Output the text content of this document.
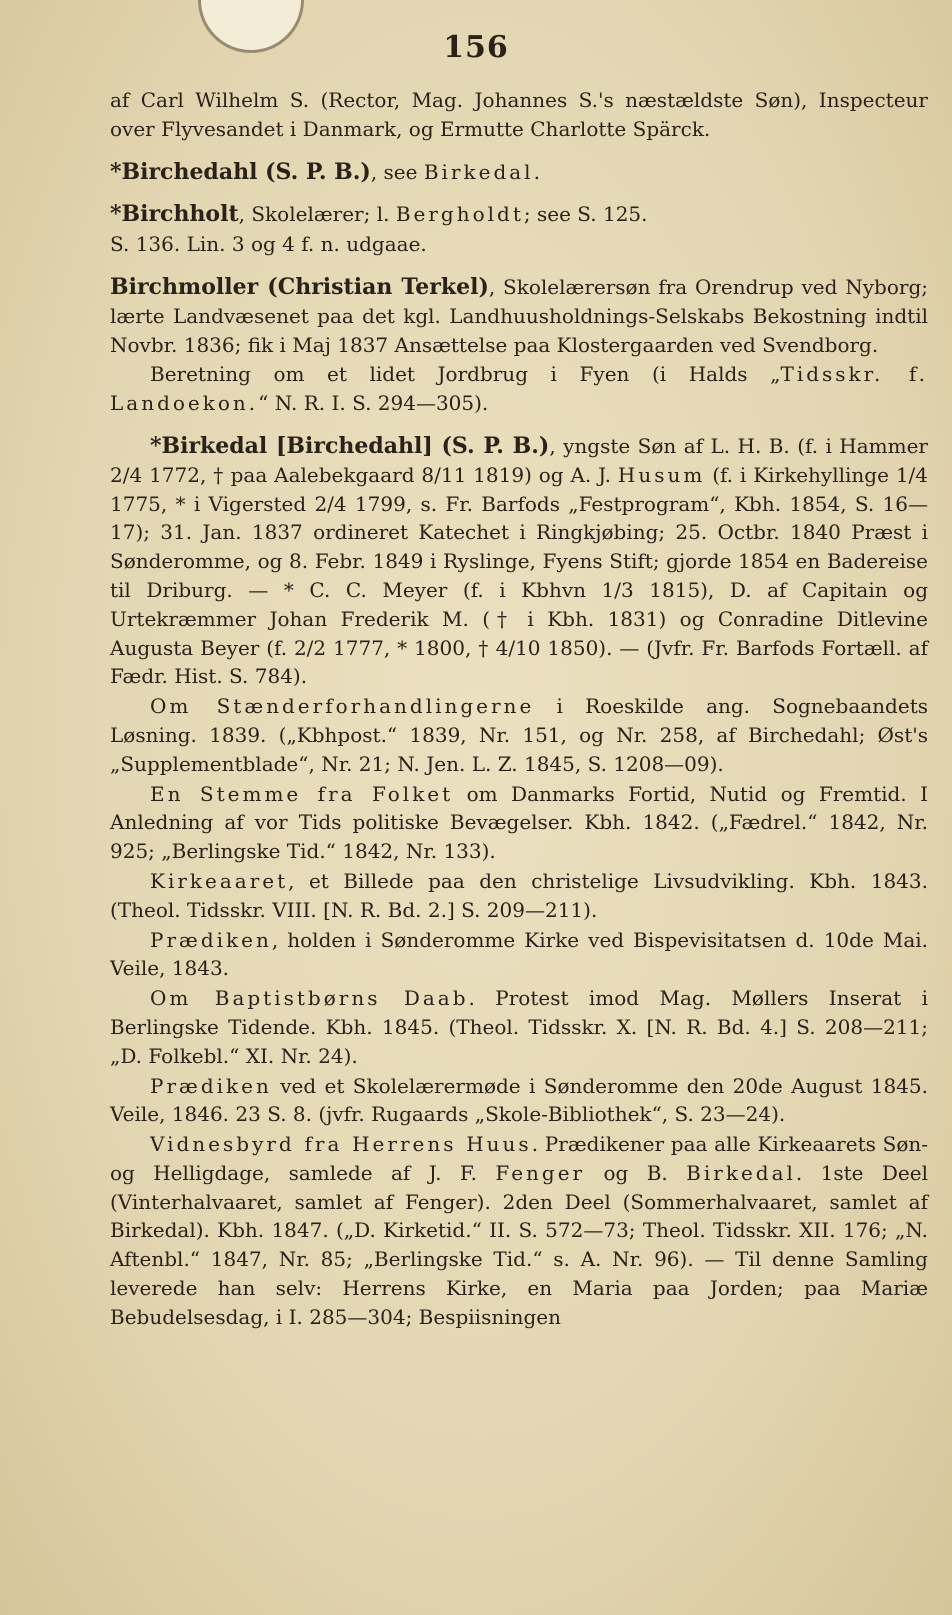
156

af Carl Wilhelm S. (Rector, Mag. Johannes S.'s næstældste Søn), Inspecteur over Flyvesandet i Danmark, og Ermutte Charlotte Spärck.

*Birchedahl (S. P. B.), see Birkedal.

*Birchholt, Skolelærer; l. Bergholdt; see S. 125.

S. 136. Lin. 3 og 4 f. n. udgaae.

Birchmoller (Christian Terkel), Skolelærersøn fra Orendrup ved Nyborg; lærte Landvæsenet paa det kgl. Landhuusholdnings-Selskabs Bekostning indtil Novbr. 1836; fik i Maj 1837 Ansættelse paa Klostergaarden ved Svendborg.

Beretning om et lidet Jordbrug i Fyen (i Halds „Tidsskr. f. Landoekon.“ N. R. I. S. 294—305).

*Birkedal [Birchedahl] (S. P. B.), yngste Søn af L. H. B. (f. i Hammer 2/4 1772, † paa Aalebekgaard 8/11 1819) og A. J. Husum (f. i Kirkehyllinge 1/4 1775, * i Vigersted 2/4 1799, s. Fr. Barfods „Festprogram“, Kbh. 1854, S. 16—17); 31. Jan. 1837 ordineret Katechet i Ringkjøbing; 25. Octbr. 1840 Præst i Sønderomme, og 8. Febr. 1849 i Ryslinge, Fyens Stift; gjorde 1854 en Badereise til Driburg. — * C. C. Meyer (f. i Kbhvn 1/3 1815), D. af Capitain og Urtekræmmer Johan Frederik M. († i Kbh. 1831) og Conradine Ditlevine Augusta Beyer (f. 2/2 1777, * 1800, † 4/10 1850). — (Jvfr. Fr. Barfods Fortæll. af Fædr. Hist. S. 784).

Om Stænderforhandlingerne i Roeskilde ang. Sognebaandets Løsning. 1839. („Kbhpost.“ 1839, Nr. 151, og Nr. 258, af Birchedahl; Øst's „Supplementblade“, Nr. 21; N. Jen. L. Z. 1845, S. 1208—09).

En Stemme fra Folket om Danmarks Fortid, Nutid og Fremtid. I Anledning af vor Tids politiske Bevægelser. Kbh. 1842. („Fædrel.“ 1842, Nr. 925; „Berlingske Tid.“ 1842, Nr. 133).

Kirkeaaret, et Billede paa den christelige Livsudvikling. Kbh. 1843. (Theol. Tidsskr. VIII. [N. R. Bd. 2.] S. 209—211).

Prædiken, holden i Sønderomme Kirke ved Bispevisitatsen d. 10de Mai. Veile, 1843.

Om Baptistbørns Daab. Protest imod Mag. Møllers Inserat i Berlingske Tidende. Kbh. 1845. (Theol. Tidsskr. X. [N. R. Bd. 4.] S. 208—211; „D. Folkebl.“ XI. Nr. 24).

Prædiken ved et Skolelærermøde i Sønderomme den 20de August 1845. Veile, 1846. 23 S. 8. (jvfr. Rugaards „Skole-Bibliothek“, S. 23—24).

Vidnesbyrd fra Herrens Huus. Prædikener paa alle Kirkeaarets Søn- og Helligdage, samlede af J. F. Fenger og B. Birkedal. 1ste Deel (Vinterhalvaaret, samlet af Fenger). 2den Deel (Sommerhalvaaret, samlet af Birkedal). Kbh. 1847. („D. Kirketid.“ II. S. 572—73; Theol. Tidsskr. XII. 176; „N. Aftenbl.“ 1847, Nr. 85; „Berlingske Tid.“ s. A. Nr. 96). — Til denne Samling leverede han selv: Herrens Kirke, en Maria paa Jorden; paa Mariæ Bebudelsesdag, i I. 285—304; Bespiisningen
